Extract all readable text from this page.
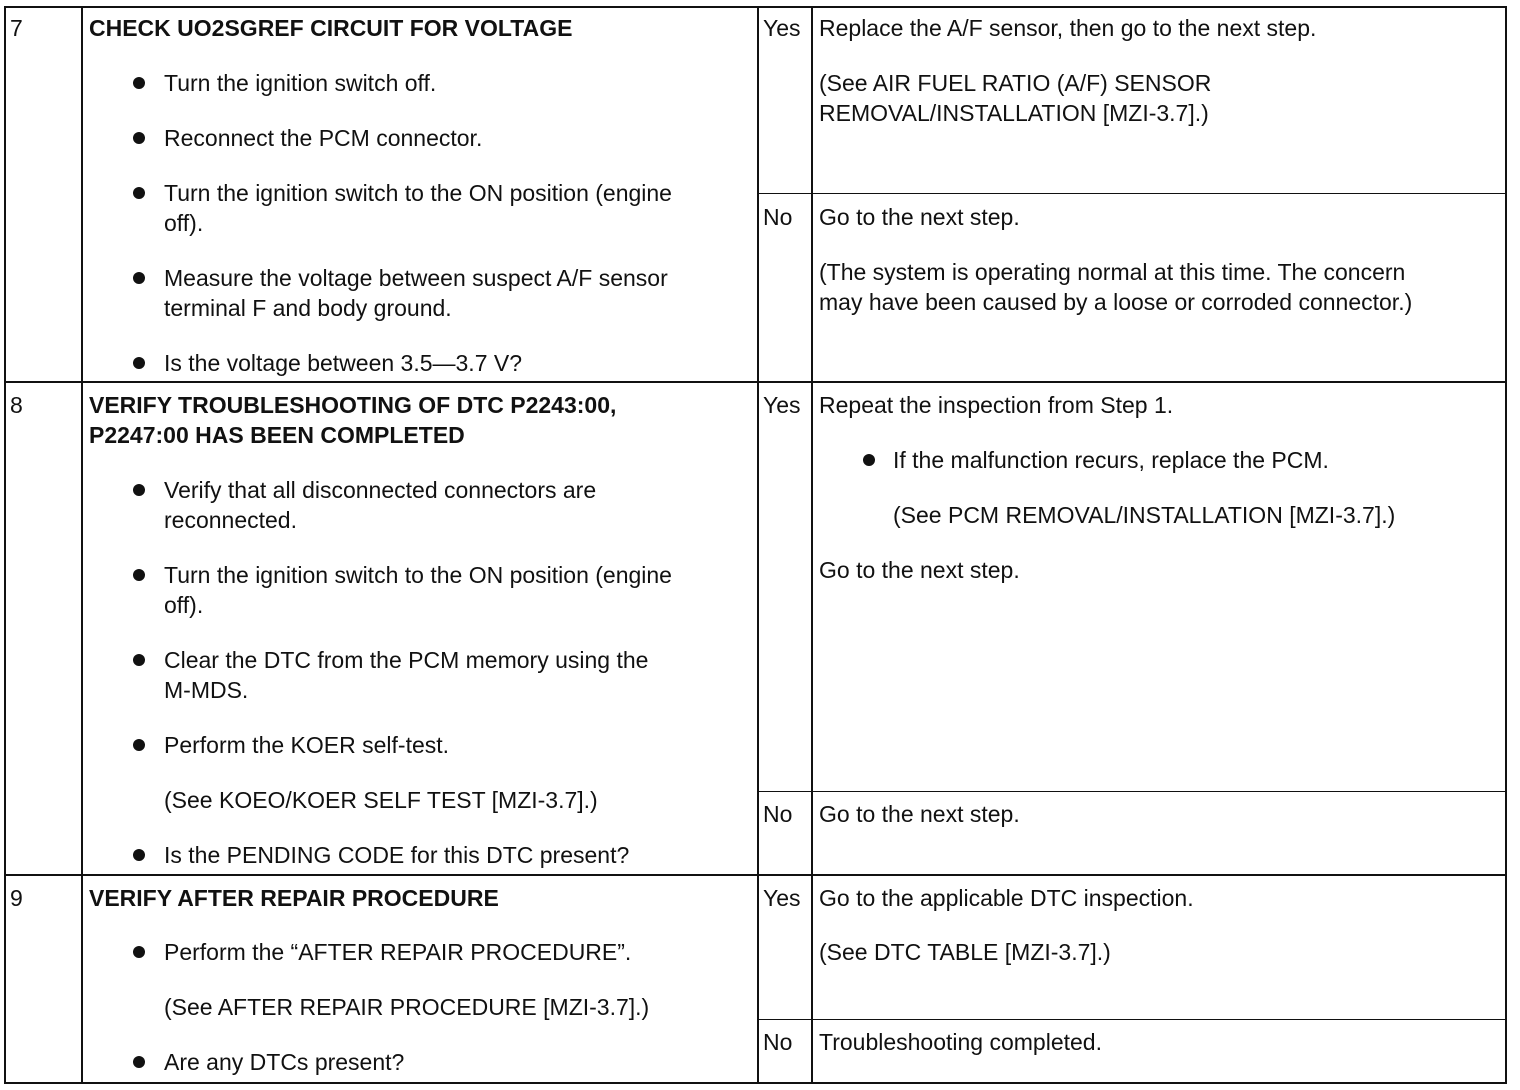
7	CHECK UO2SGREF CIRCUIT FOR VOLTAGE
Turn the ignition switch off.
Reconnect the PCM connector.
Turn the ignition switch to the ON position (engine
off).
Measure the voltage between suspect A/F sensor
terminal F and body ground.
Is the voltage between 3.5—3.7 V?
Yes Replace the A/F sensor, then go to the next step.
(See AIR FUEL RATIO (A/F) SENSOR
REMOVAL/INSTALLATION [MZI-3.7].)
No Go to the next step.
(The system is operating normal at this time. The concern
may have been caused by a loose or corroded connector.)
8	VERIFY TROUBLESHOOTING OF DTC P2243:00,
P2247:00 HAS BEEN COMPLETED
Verify that all disconnected connectors are
reconnected.
Turn the ignition switch to the ON position (engine
off).
Clear the DTC from the PCM memory using the
M-MDS.
Perform the KOER self-test.
(See KOEO/KOER SELF TEST [MZI-3.7].)
Is the PENDING CODE for this DTC present?
Yes Repeat the inspection from Step 1.
If the malfunction recurs, replace the PCM.
(See PCM REMOVAL/INSTALLATION [MZI-3.7].)
Go to the next step.
No Go to the next step.
9	VERIFY AFTER REPAIR PROCEDURE
Perform the “AFTER REPAIR PROCEDURE”.
(See AFTER REPAIR PROCEDURE [MZI-3.7].)
Are any DTCs present?
Yes Go to the applicable DTC inspection.
(See DTC TABLE [MZI-3.7].)
No Troubleshooting completed.
